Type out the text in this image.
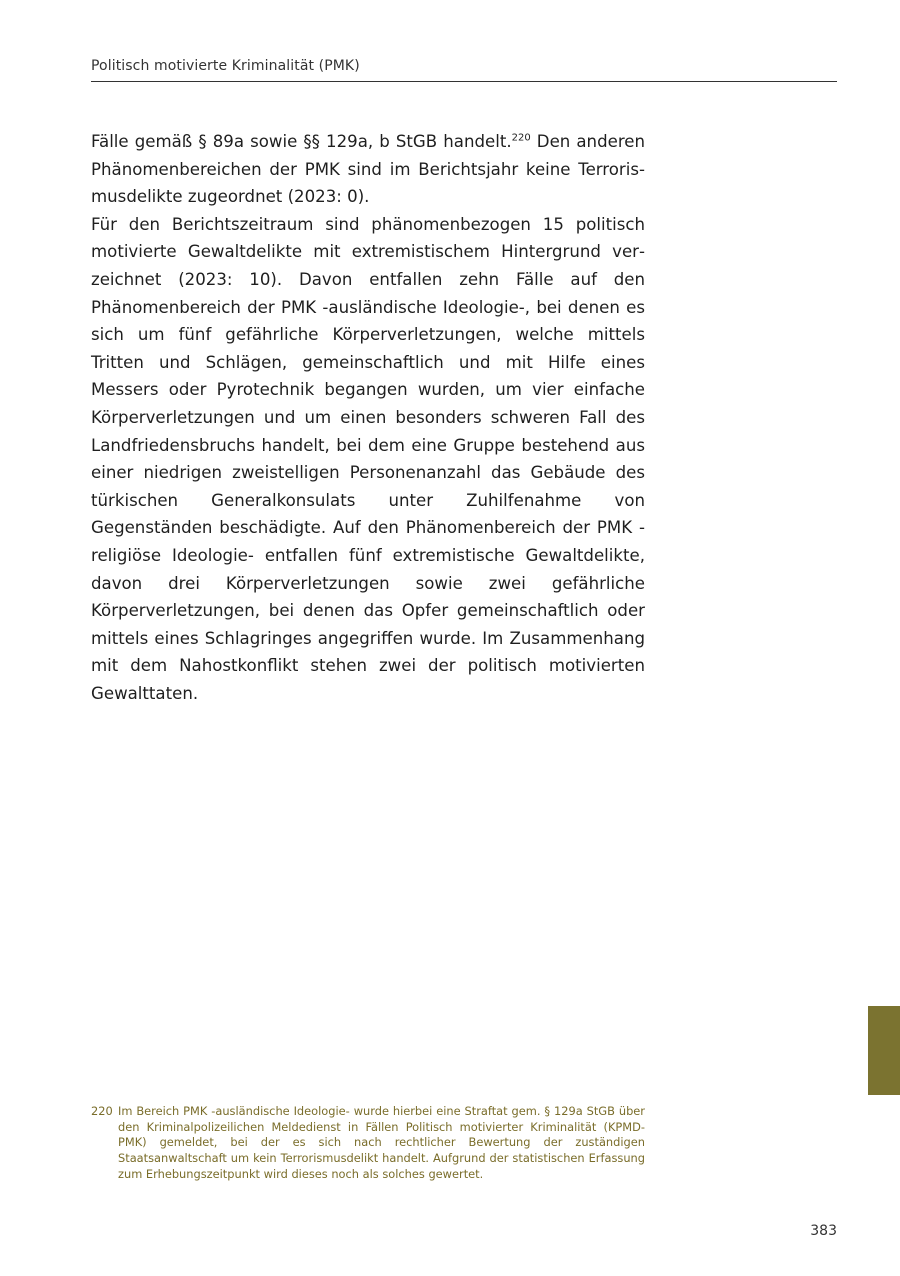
Politisch motivierte Kriminalität (PMK)

Fälle gemäß § 89a sowie §§ 129a, b StGB handelt.$^{220}$ Den anderen Phänomenbereichen der PMK sind im Berichtsjahr keine Terrorismusdelikte zugeordnet (2023: 0).

Für den Berichtszeitraum sind phänomenbezogen 15 politisch motivierte Gewaltdelikte mit extremistischem Hintergrund verzeichnet (2023: 10). Davon entfallen zehn Fälle auf den Phänomenbereich der PMK -ausländische Ideologie-, bei denen es sich um fünf gefährliche Körperverletzungen, welche mittels Tritten und Schlägen, gemeinschaftlich und mit Hilfe eines Messers oder Pyrotechnik begangen wurden, um vier einfache Körperverletzungen und um einen besonders schweren Fall des Landfriedensbruchs handelt, bei dem eine Gruppe bestehend aus einer niedrigen zweistelligen Personenanzahl das Gebäude des türkischen Generalkonsulats unter Zuhilfenahme von Gegenständen beschädigte. Auf den Phänomenbereich der PMK -religiöse Ideologie- entfallen fünf extremistische Gewaltdelikte, davon drei Körperverletzungen sowie zwei gefährliche Körperverletzungen, bei denen das Opfer gemeinschaftlich oder mittels eines Schlagringes angegriffen wurde. Im Zusammenhang mit dem Nahostkonflikt stehen zwei der politisch motivierten Gewalttaten.

220 Im Bereich PMK -ausländische Ideologie- wurde hierbei eine Straftat gem. § 129a StGB über den Kriminalpolizeilichen Meldedienst in Fällen Politisch motivierter Kriminalität (KPMD-PMK) gemeldet, bei der es sich nach rechtlicher Bewertung der zuständigen Staatsanwaltschaft um kein Terrorismusdelikt handelt. Aufgrund der statistischen Erfassung zum Erhebungszeitpunkt wird dieses noch als solches gewertet.
383
